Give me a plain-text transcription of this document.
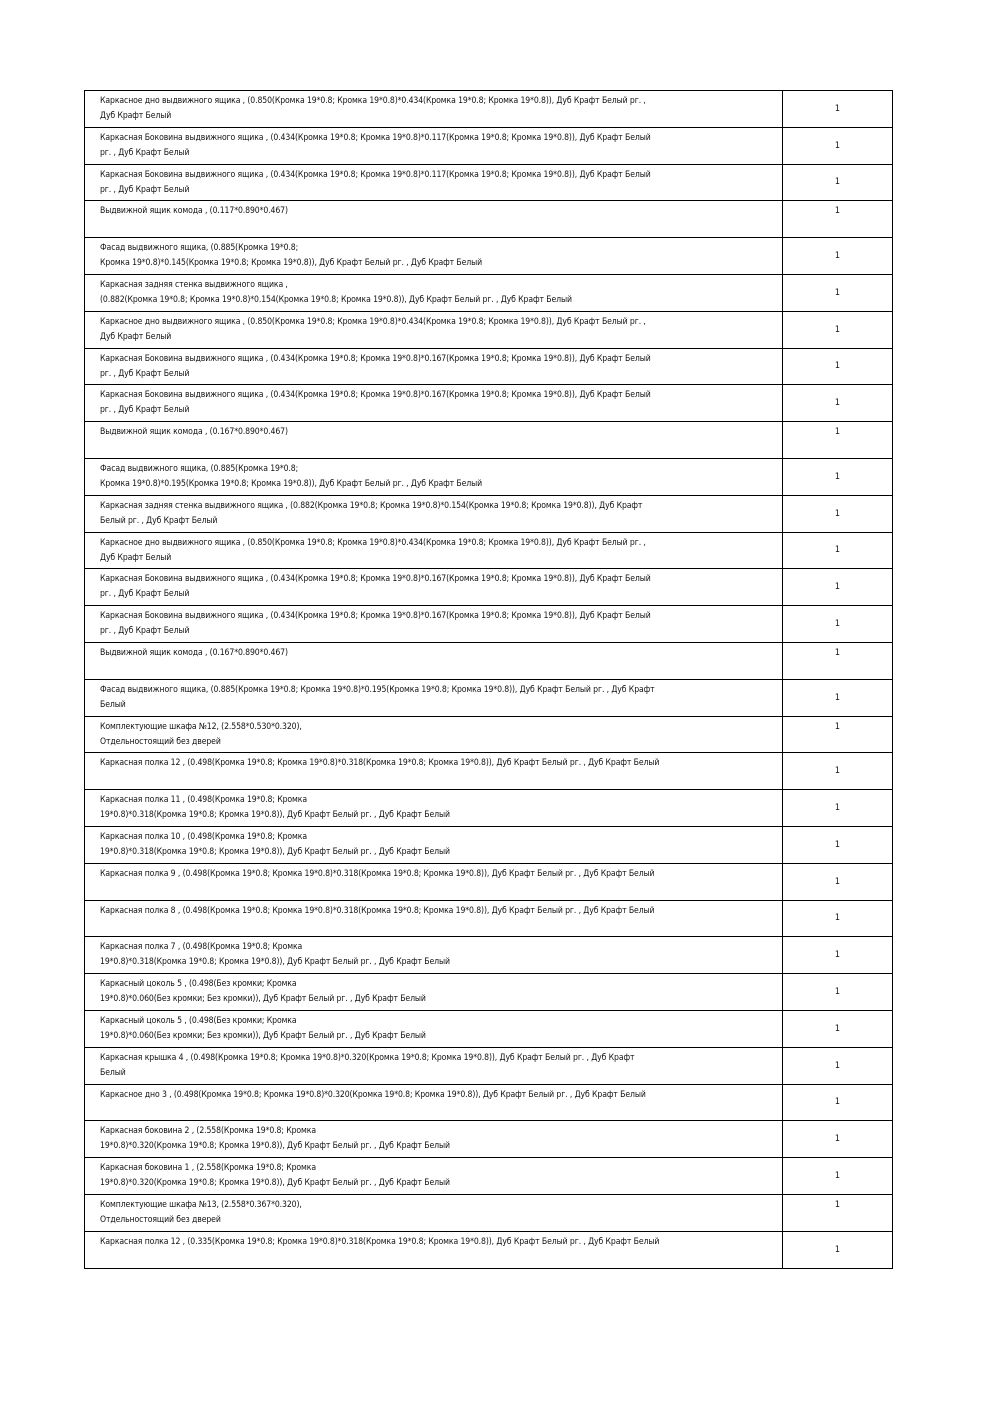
Каркасное дно выдвижного ящика , (0.850(Кромка 19*0.8; Кромка 19*0.8)*0.434(Кромка 19*0.8; Кромка 19*0.8)), Дуб Крафт Белый рг. ,
Дуб Крафт Белый	1

Каркасная Боковина выдвижного ящика , (0.434(Кромка 19*0.8; Кромка 19*0.8)*0.117(Кромка 19*0.8; Кромка 19*0.8)), Дуб Крафт Белый
рг. , Дуб Крафт Белый	1

Каркасная Боковина выдвижного ящика , (0.434(Кромка 19*0.8; Кромка 19*0.8)*0.117(Кромка 19*0.8; Кромка 19*0.8)), Дуб Крафт Белый
рг. , Дуб Крафт Белый	1

Выдвижной ящик комода , (0.117*0.890*0.467)	1

Фасад выдвижного ящика, (0.885(Кромка 19*0.8;
Кромка 19*0.8)*0.145(Кромка 19*0.8; Кромка 19*0.8)), Дуб Крафт Белый рг. , Дуб Крафт Белый	1

Каркасная задняя стенка выдвижного ящика ,
(0.882(Кромка 19*0.8; Кромка 19*0.8)*0.154(Кромка 19*0.8; Кромка 19*0.8)), Дуб Крафт Белый рг. , Дуб Крафт Белый	1

Каркасное дно выдвижного ящика , (0.850(Кромка 19*0.8; Кромка 19*0.8)*0.434(Кромка 19*0.8; Кромка 19*0.8)), Дуб Крафт Белый рг. ,
Дуб Крафт Белый	1

Каркасная Боковина выдвижного ящика , (0.434(Кромка 19*0.8; Кромка 19*0.8)*0.167(Кромка 19*0.8; Кромка 19*0.8)), Дуб Крафт Белый
рг. , Дуб Крафт Белый	1

Каркасная Боковина выдвижного ящика , (0.434(Кромка 19*0.8; Кромка 19*0.8)*0.167(Кромка 19*0.8; Кромка 19*0.8)), Дуб Крафт Белый
рг. , Дуб Крафт Белый	1

Выдвижной ящик комода , (0.167*0.890*0.467)	1

Фасад выдвижного ящика, (0.885(Кромка 19*0.8;
Кромка 19*0.8)*0.195(Кромка 19*0.8; Кромка 19*0.8)), Дуб Крафт Белый рг. , Дуб Крафт Белый	1

Каркасная задняя стенка выдвижного ящика , (0.882(Кромка 19*0.8; Кромка 19*0.8)*0.154(Кромка 19*0.8; Кромка 19*0.8)), Дуб Крафт
Белый рг. , Дуб Крафт Белый	1

Каркасное дно выдвижного ящика , (0.850(Кромка 19*0.8; Кромка 19*0.8)*0.434(Кромка 19*0.8; Кромка 19*0.8)), Дуб Крафт Белый рг. ,
Дуб Крафт Белый	1

Каркасная Боковина выдвижного ящика , (0.434(Кромка 19*0.8; Кромка 19*0.8)*0.167(Кромка 19*0.8; Кромка 19*0.8)), Дуб Крафт Белый
рг. , Дуб Крафт Белый	1

Каркасная Боковина выдвижного ящика , (0.434(Кромка 19*0.8; Кромка 19*0.8)*0.167(Кромка 19*0.8; Кромка 19*0.8)), Дуб Крафт Белый
рг. , Дуб Крафт Белый	1

Выдвижной ящик комода , (0.167*0.890*0.467)	1

Фасад выдвижного ящика, (0.885(Кромка 19*0.8; Кромка 19*0.8)*0.195(Кромка 19*0.8; Кромка 19*0.8)), Дуб Крафт Белый рг. , Дуб Крафт
Белый	1

Комплектующие шкафа №12, (2.558*0.530*0.320),
Отдельностоящий без дверей	1

Каркасная полка 12 , (0.498(Кромка 19*0.8; Кромка 19*0.8)*0.318(Кромка 19*0.8; Кромка 19*0.8)), Дуб Крафт Белый рг. , Дуб Крафт Белый	1

Каркасная полка 11 , (0.498(Кромка 19*0.8; Кромка
19*0.8)*0.318(Кромка 19*0.8; Кромка 19*0.8)), Дуб Крафт Белый рг. , Дуб Крафт Белый	1

Каркасная полка 10 , (0.498(Кромка 19*0.8; Кромка
19*0.8)*0.318(Кромка 19*0.8; Кромка 19*0.8)), Дуб Крафт Белый рг. , Дуб Крафт Белый	1

Каркасная полка 9 , (0.498(Кромка 19*0.8; Кромка 19*0.8)*0.318(Кромка 19*0.8; Кромка 19*0.8)), Дуб Крафт Белый рг. , Дуб Крафт Белый	1

Каркасная полка 8 , (0.498(Кромка 19*0.8; Кромка 19*0.8)*0.318(Кромка 19*0.8; Кромка 19*0.8)), Дуб Крафт Белый рг. , Дуб Крафт Белый	1

Каркасная полка 7 , (0.498(Кромка 19*0.8; Кромка
19*0.8)*0.318(Кромка 19*0.8; Кромка 19*0.8)), Дуб Крафт Белый рг. , Дуб Крафт Белый	1

Каркасный цоколь 5 , (0.498(Без кромки; Кромка
19*0.8)*0.060(Без кромки; Без кромки)), Дуб Крафт Белый рг. , Дуб Крафт Белый	1

Каркасный цоколь 5 , (0.498(Без кромки; Кромка
19*0.8)*0.060(Без кромки; Без кромки)), Дуб Крафт Белый рг. , Дуб Крафт Белый	1

Каркасная крышка 4 , (0.498(Кромка 19*0.8; Кромка 19*0.8)*0.320(Кромка 19*0.8; Кромка 19*0.8)), Дуб Крафт Белый рг. , Дуб Крафт
Белый	1

Каркасное дно 3 , (0.498(Кромка 19*0.8; Кромка 19*0.8)*0.320(Кромка 19*0.8; Кромка 19*0.8)), Дуб Крафт Белый рг. , Дуб Крафт Белый	1

Каркасная боковина 2 , (2.558(Кромка 19*0.8; Кромка
19*0.8)*0.320(Кромка 19*0.8; Кромка 19*0.8)), Дуб Крафт Белый рг. , Дуб Крафт Белый	1

Каркасная боковина 1 , (2.558(Кромка 19*0.8; Кромка
19*0.8)*0.320(Кромка 19*0.8; Кромка 19*0.8)), Дуб Крафт Белый рг. , Дуб Крафт Белый	1

Комплектующие шкафа №13, (2.558*0.367*0.320),
Отдельностоящий без дверей	1

Каркасная полка 12 , (0.335(Кромка 19*0.8; Кромка 19*0.8)*0.318(Кромка 19*0.8; Кромка 19*0.8)), Дуб Крафт Белый рг. , Дуб Крафт Белый	1
